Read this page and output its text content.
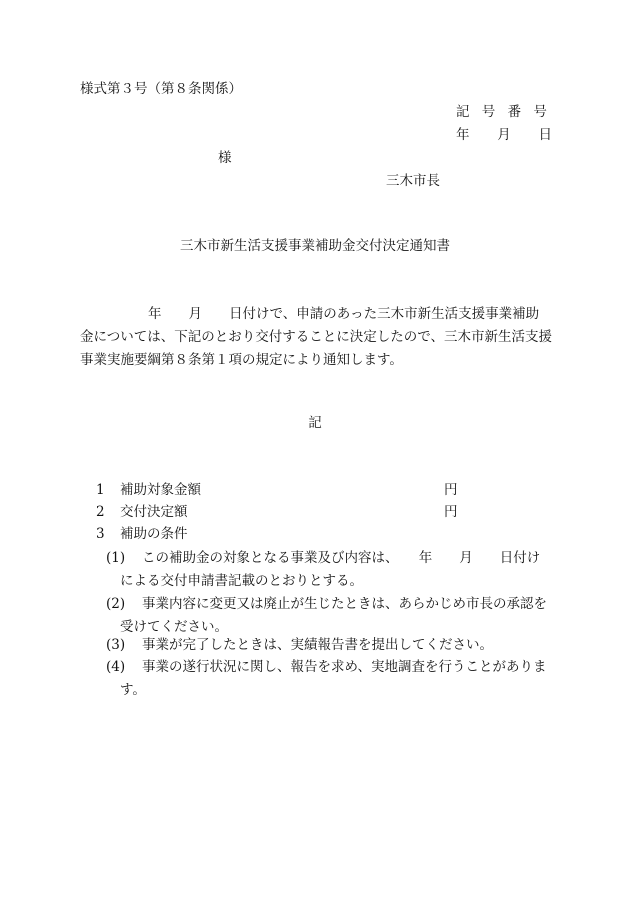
様式第３号（第８条関係）
記 号 番 号
年 月 日
様
三木市長
三木市新生活支援事業補助金交付決定通知書
年　　月　　日付けで、申請のあった三木市新生活支援事業補助
金については、下記のとおり交付することに決定したので、三木市新生活支援
事業実施要綱第８条第１項の規定により通知します。
記
1 補助対象金額	円
2 交付決定額	円
3 補助の条件
(1) この補助金の対象となる事業及び内容は、　　年　　月　　日付け
による交付申請書記載のとおりとする。
(2) 事業内容に変更又は廃止が生じたときは、あらかじめ市長の承認を
受けてください。
(3) 事業が完了したときは、実績報告書を提出してください。
(4) 事業の遂行状況に関し、報告を求め、実地調査を行うことがありま
す。
